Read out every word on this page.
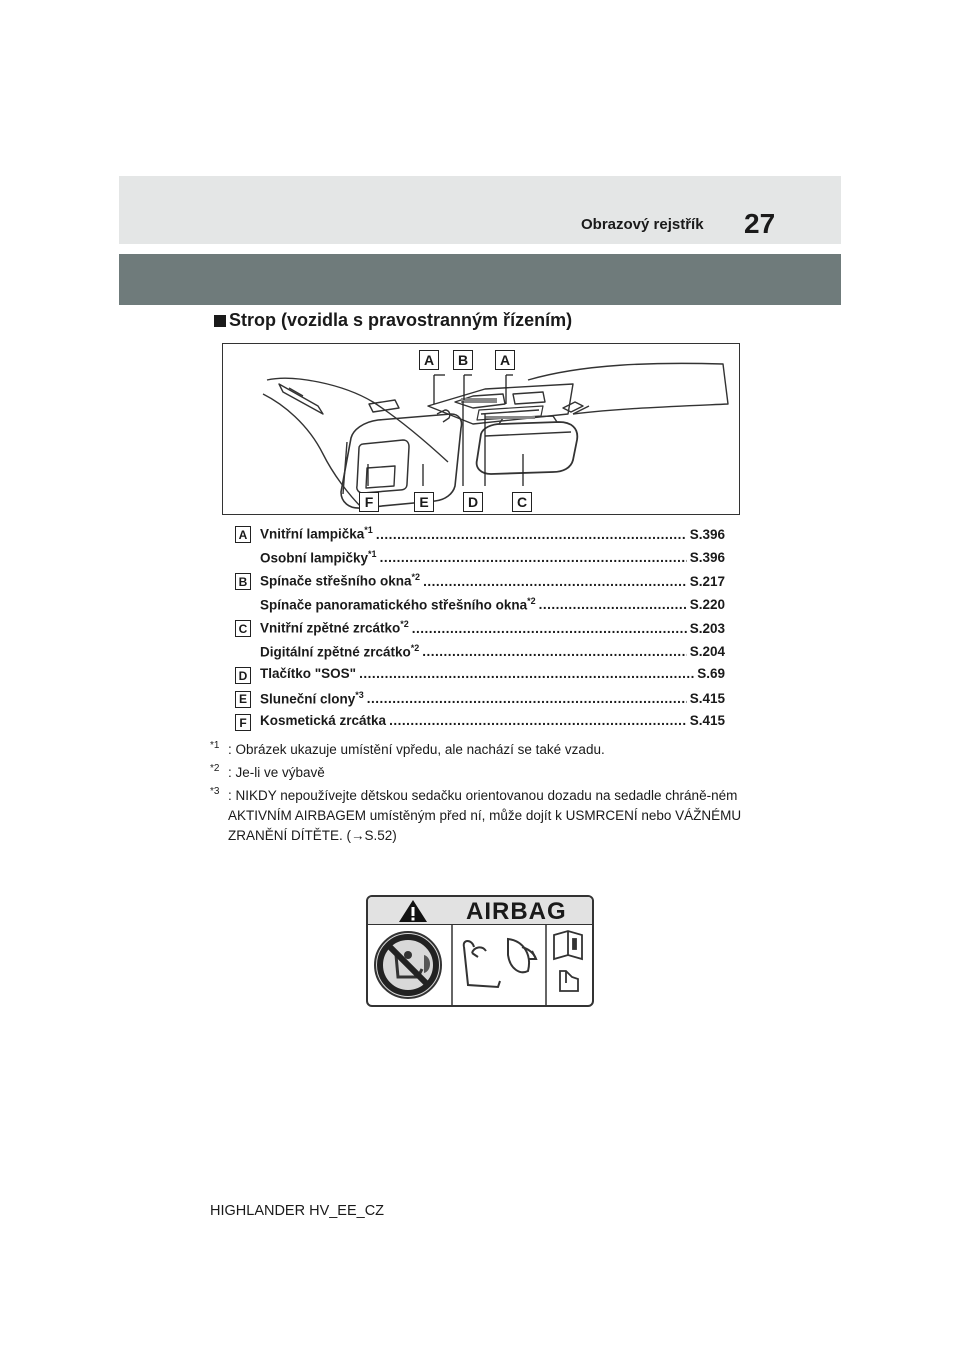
27
Obrazový rejstřík
Strop (vozidla s pravostranným řízením)
A	B	A
F	E	D	C
A Vnitřní lampička$^{*1}$ .....	S.396
Osobní lampičky$^{*1}$ .....	S.396
B Spínače střešního okna$^{*2}$ .....	S.217
Spínače panoramatického střešního okna$^{*2}$ .....	S.220
C Vnitřní zpětné zrcátko$^{*2}$ .....	S.203
Digitální zpětné zrcátko$^{*2}$ .....	S.204
D Tlačítko "SOS" .....	S.69
E Sluneční clony$^{*3}$ .....	S.415
F Kosmetická zrcátka .....	S.415
*1 : Obrázek ukazuje umístění vpředu, ale nachází se také vzadu.
*2 : Je-li ve výbavě
*3 : NIKDY nepoužívejte dětskou sedačku orientovanou dozadu na sedadle chráně-ném AKTIVNÍM AIRBAGEM umístěným před ní, může dojít k USMRCENÍ nebo VÁŽNÉMU ZRANĚNÍ DÍTĚTE. (→S.52)
AIRBAG
HIGHLANDER HV_EE_CZ
